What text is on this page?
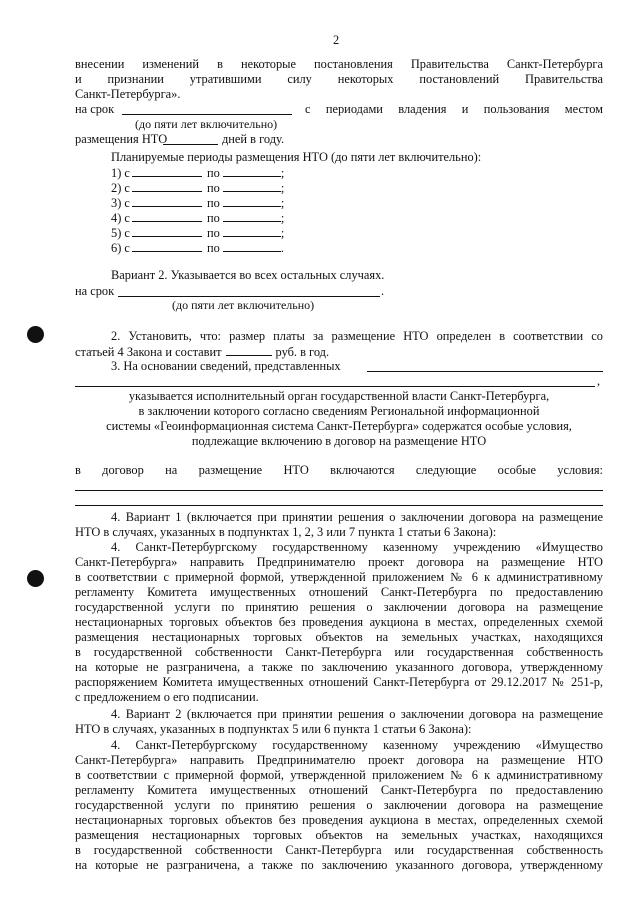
2
внесении изменений в некоторые постановления Правительства Санкт-Петербурга
и признании утратившими силу некоторых постановлений Правительства
Санкт-Петербурга».
на срок	с периодами владения и пользования местом
(до пяти лет включительно)
размещения НТО	дней в году.
Планируемые периоды размещения НТО (до пяти лет включительно):
1) с	по	;
2) с	по	;
3) с	по	;
4) с	по	;
5) с	по	;
6) с	по	.
Вариант 2. Указывается во всех остальных случаях.
на срок	.
(до пяти лет включительно)
2. Установить, что: размер платы за размещение НТО определен в соответствии со
статьей 4 Закона и составит	руб. в год.
3. На основании сведений, представленных
,
указывается исполнительный орган государственной власти Санкт-Петербурга,
в заключении которого согласно сведениям Региональной информационной
системы «Геоинформационная система Санкт-Петербурга» содержатся особые условия,
подлежащие включению в договор на размещение НТО
в договор на размещение НТО включаются следующие особые условия:
4. Вариант 1 (включается при принятии решения о заключении договора на размещение
НТО в случаях, указанных в подпунктах 1, 2, 3 или 7 пункта 1 статьи 6 Закона):
4. Санкт-Петербургскому государственному казенному учреждению «Имущество
Санкт-Петербурга» направить Предпринимателю проект договора на размещение НТО
в соответствии с примерной формой, утвержденной приложением № 6 к административному
регламенту Комитета имущественных отношений Санкт-Петербурга по предоставлению
государственной услуги по принятию решения о заключении договора на размещение
нестационарных торговых объектов без проведения аукциона в местах, определенных схемой
размещения нестационарных торговых объектов на земельных участках, находящихся
в государственной собственности Санкт-Петербурга или государственная собственность
на которые не разграничена, а также по заключению указанного договора, утвержденному
распоряжением Комитета имущественных отношений Санкт-Петербурга от 29.12.2017 № 251-р,
с предложением о его подписании.
4. Вариант 2 (включается при принятии решения о заключении договора на размещение
НТО в случаях, указанных в подпунктах 5 или 6 пункта 1 статьи 6 Закона):
4. Санкт-Петербургскому государственному казенному учреждению «Имущество
Санкт-Петербурга» направить Предпринимателю проект договора на размещение НТО
в соответствии с примерной формой, утвержденной приложением № 6 к административному
регламенту Комитета имущественных отношений Санкт-Петербурга по предоставлению
государственной услуги по принятию решения о заключении договора на размещение
нестационарных торговых объектов без проведения аукциона в местах, определенных схемой
размещения нестационарных торговых объектов на земельных участках, находящихся
в государственной собственности Санкт-Петербурга или государственная собственность
на которые не разграничена, а также по заключению указанного договора, утвержденному
